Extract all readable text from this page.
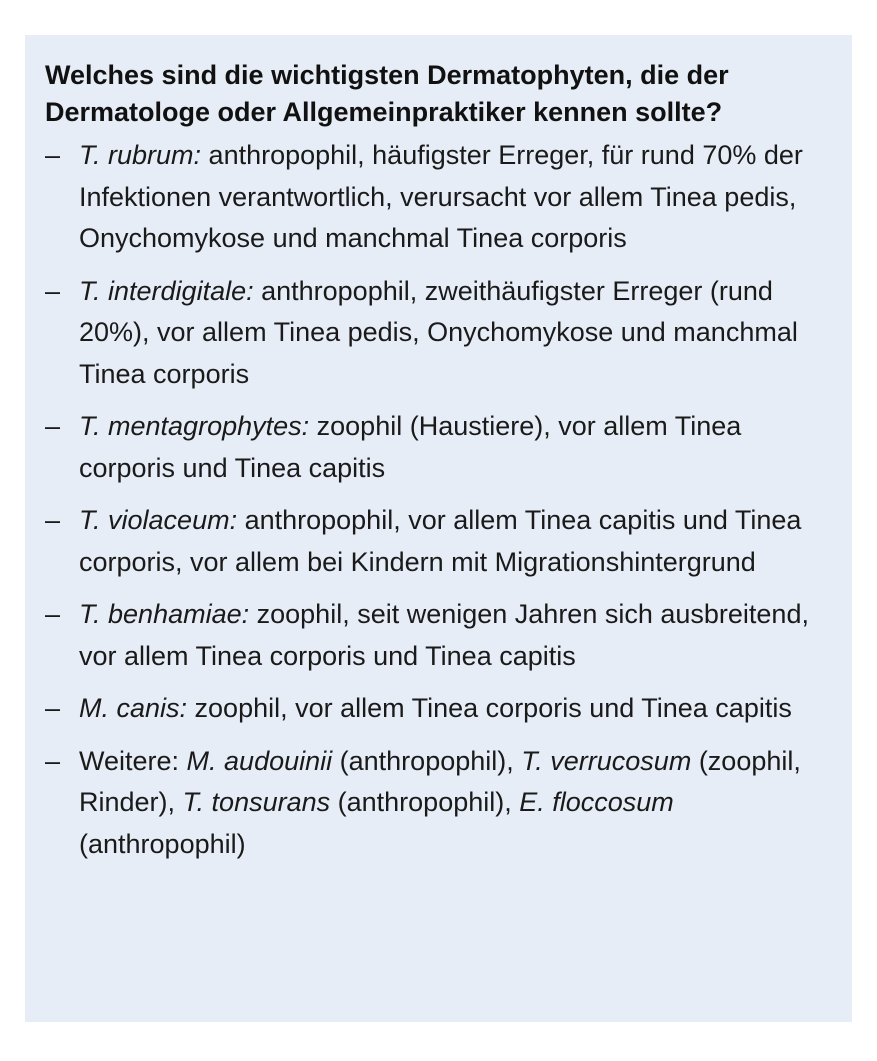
Welches sind die wichtigsten Dermatophyten, die der Dermatologe oder Allgemeinpraktiker kennen sollte?
– T. rubrum: anthropophil, häufigster Erreger, für rund 70% der Infektionen verantwortlich, verursacht vor allem Tinea pedis, Onychomykose und manchmal Tinea corporis
– T. interdigitale: anthropophil, zweithäufigster Erreger (rund 20%), vor allem Tinea pedis, Onychomykose und manchmal Tinea corporis
– T. mentagrophytes: zoophil (Haustiere), vor allem Tinea corporis und Tinea capitis
– T. violaceum: anthropophil, vor allem Tinea capitis und Tinea corporis, vor allem bei Kindern mit Migrationshintergrund
– T. benhamiae: zoophil, seit wenigen Jahren sich ausbreitend, vor allem Tinea corporis und Tinea capitis
– M. canis: zoophil, vor allem Tinea corporis und Tinea capitis
– Weitere: M. audouinii (anthropophil), T. verrucosum (zoophil, Rinder), T. tonsurans (anthropophil), E. floccosum (anthropophil)
